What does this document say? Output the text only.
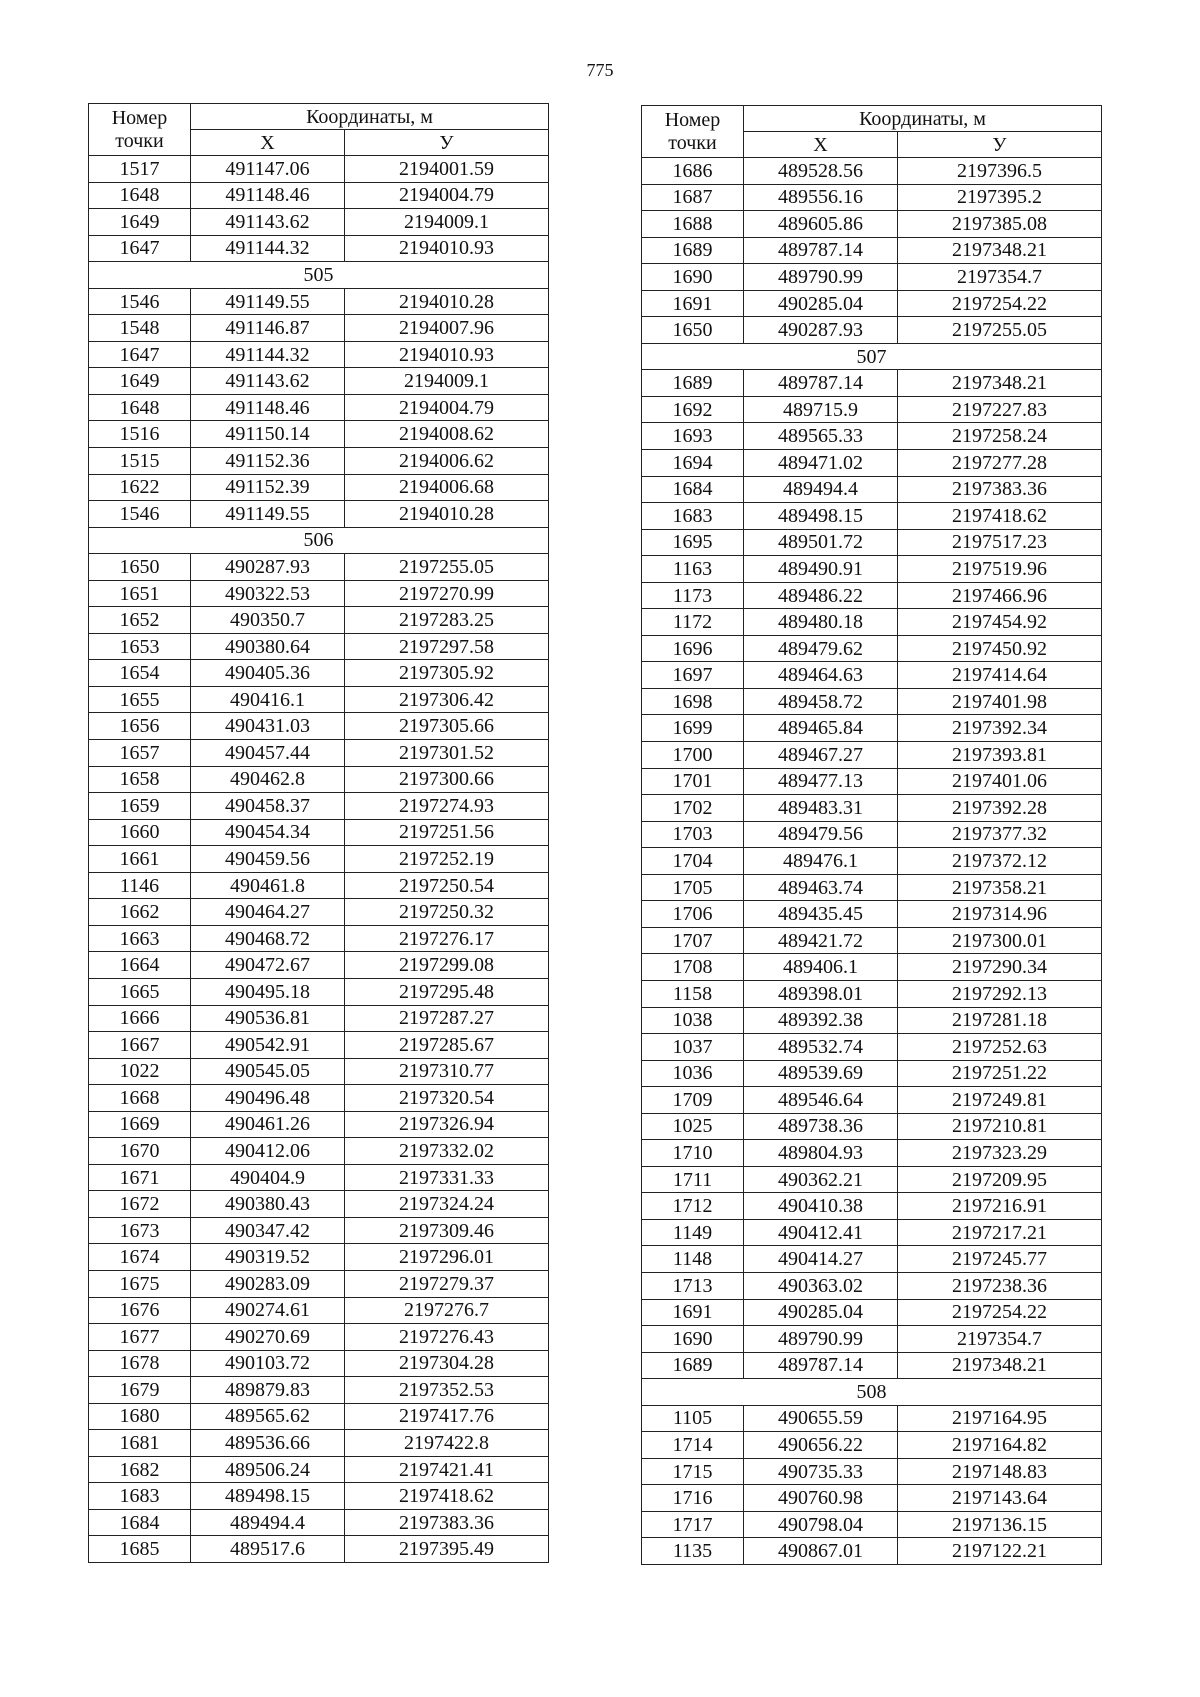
775
Номер точки	Координаты, м	
	X	У
1517	491147.06	2194001.59
1648	491148.46	2194004.79
1649	491143.62	2194009.1
1647	491144.32	2194010.93
505		
1546	491149.55	2194010.28
1548	491146.87	2194007.96
1647	491144.32	2194010.93
1649	491143.62	2194009.1
1648	491148.46	2194004.79
1516	491150.14	2194008.62
1515	491152.36	2194006.62
1622	491152.39	2194006.68
1546	491149.55	2194010.28
506		
1650	490287.93	2197255.05
1651	490322.53	2197270.99
1652	490350.7	2197283.25
1653	490380.64	2197297.58
1654	490405.36	2197305.92
1655	490416.1	2197306.42
1656	490431.03	2197305.66
1657	490457.44	2197301.52
1658	490462.8	2197300.66
1659	490458.37	2197274.93
1660	490454.34	2197251.56
1661	490459.56	2197252.19
1146	490461.8	2197250.54
1662	490464.27	2197250.32
1663	490468.72	2197276.17
1664	490472.67	2197299.08
1665	490495.18	2197295.48
1666	490536.81	2197287.27
1667	490542.91	2197285.67
1022	490545.05	2197310.77
1668	490496.48	2197320.54
1669	490461.26	2197326.94
1670	490412.06	2197332.02
1671	490404.9	2197331.33
1672	490380.43	2197324.24
1673	490347.42	2197309.46
1674	490319.52	2197296.01
1675	490283.09	2197279.37
1676	490274.61	2197276.7
1677	490270.69	2197276.43
1678	490103.72	2197304.28
1679	489879.83	2197352.53
1680	489565.62	2197417.76
1681	489536.66	2197422.8
1682	489506.24	2197421.41
1683	489498.15	2197418.62
1684	489494.4	2197383.36
1685	489517.6	2197395.49
Номер точки	Координаты, м	
	X	У
1686	489528.56	2197396.5
1687	489556.16	2197395.2
1688	489605.86	2197385.08
1689	489787.14	2197348.21
1690	489790.99	2197354.7
1691	490285.04	2197254.22
1650	490287.93	2197255.05
507		
1689	489787.14	2197348.21
1692	489715.9	2197227.83
1693	489565.33	2197258.24
1694	489471.02	2197277.28
1684	489494.4	2197383.36
1683	489498.15	2197418.62
1695	489501.72	2197517.23
1163	489490.91	2197519.96
1173	489486.22	2197466.96
1172	489480.18	2197454.92
1696	489479.62	2197450.92
1697	489464.63	2197414.64
1698	489458.72	2197401.98
1699	489465.84	2197392.34
1700	489467.27	2197393.81
1701	489477.13	2197401.06
1702	489483.31	2197392.28
1703	489479.56	2197377.32
1704	489476.1	2197372.12
1705	489463.74	2197358.21
1706	489435.45	2197314.96
1707	489421.72	2197300.01
1708	489406.1	2197290.34
1158	489398.01	2197292.13
1038	489392.38	2197281.18
1037	489532.74	2197252.63
1036	489539.69	2197251.22
1709	489546.64	2197249.81
1025	489738.36	2197210.81
1710	489804.93	2197323.29
1711	490362.21	2197209.95
1712	490410.38	2197216.91
1149	490412.41	2197217.21
1148	490414.27	2197245.77
1713	490363.02	2197238.36
1691	490285.04	2197254.22
1690	489790.99	2197354.7
1689	489787.14	2197348.21
508		
1105	490655.59	2197164.95
1714	490656.22	2197164.82
1715	490735.33	2197148.83
1716	490760.98	2197143.64
1717	490798.04	2197136.15
1135	490867.01	2197122.21
